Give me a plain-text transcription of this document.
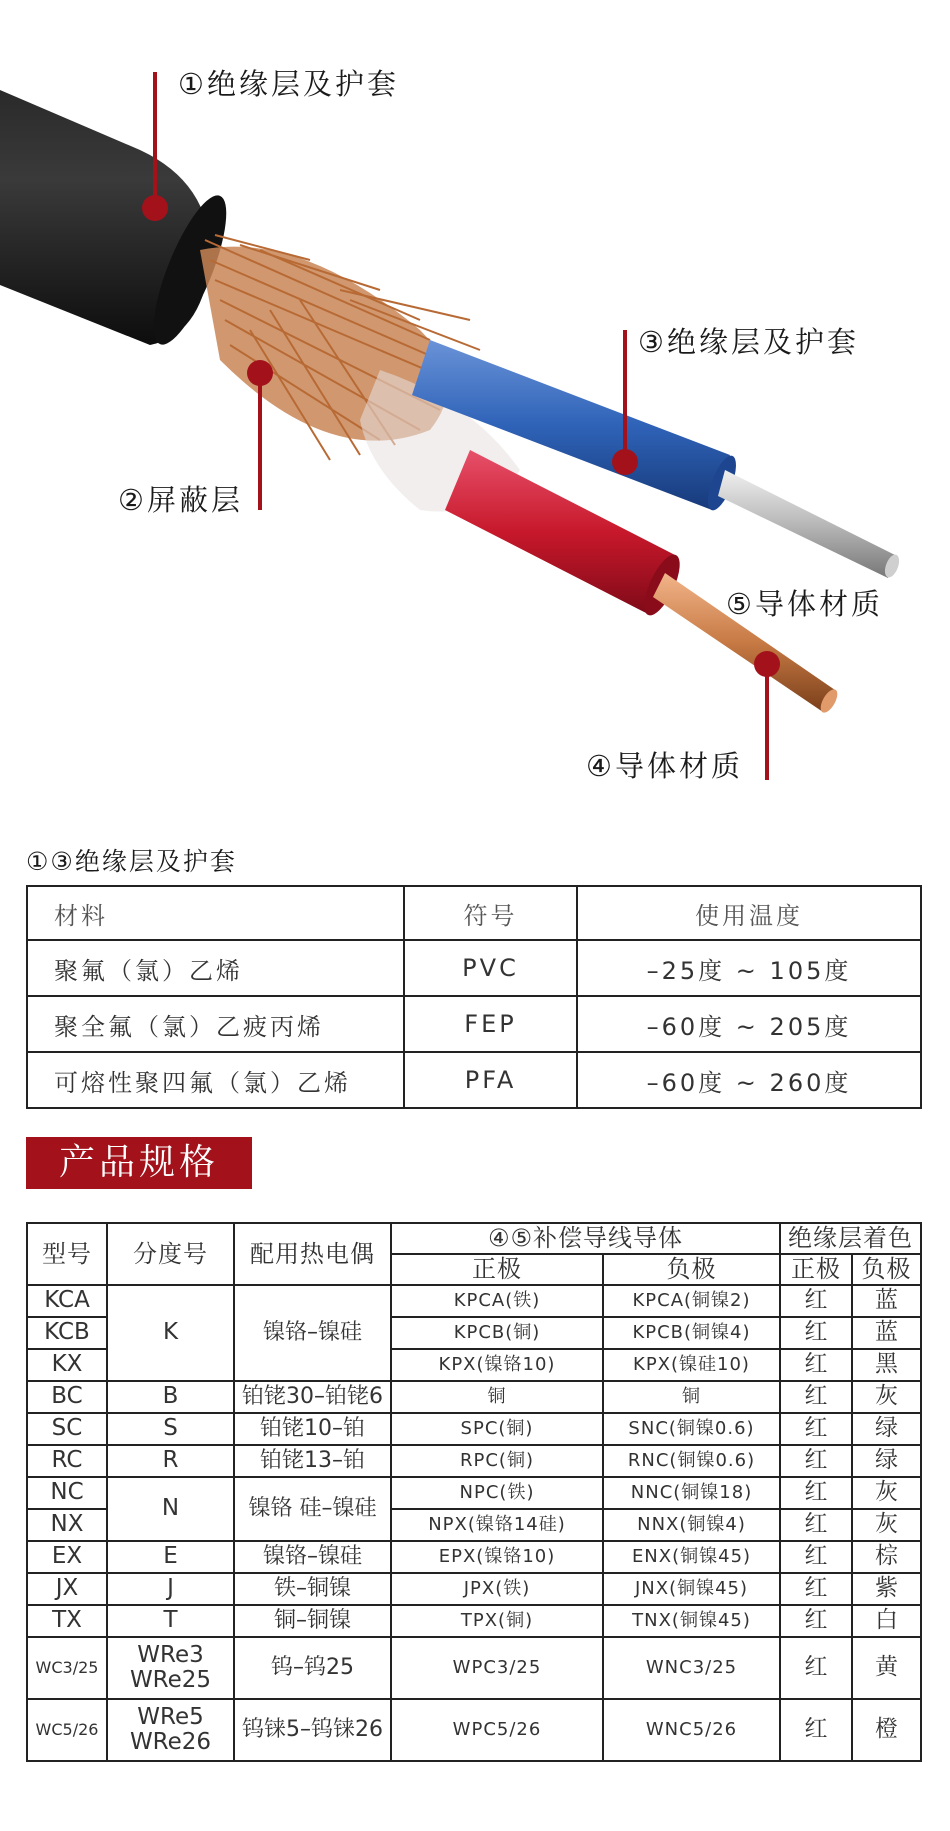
①绝缘层及护套
②屏蔽层
③绝缘层及护套
④导体材质
⑤导体材质
①③绝缘层及护套
材料	符号	使用温度
聚氟（氯）乙烯	PVC	–25度 ~ 105度
聚全氟（氯）乙疲丙烯	FEP	–60度 ~ 205度
可熔性聚四氟（氯）乙烯	PFA	–60度 ~ 260度
产品规格
型号	分度号	配用热电偶	④⑤补偿导线导体		绝缘层着色	
			正极	负极	正极	负极
KCA	K	镍铬–镍硅	KPCA(铁)	KPCA(铜镍2)	红	蓝
KCB			KPCB(铜)	KPCB(铜镍4)	红	蓝
KX			KPX(镍铬10)	KPX(镍硅10)	红	黑
BC	B	铂铑30–铂铑6	铜	铜	红	灰
SC	S	铂铑10–铂	SPC(铜)	SNC(铜镍0.6)	红	绿
RC	R	铂铑13–铂	RPC(铜)	RNC(铜镍0.6)	红	绿
NC	N	镍铬 硅–镍硅	NPC(铁)	NNC(铜镍18)	红	灰
NX			NPX(镍铬14硅)	NNX(铜镍4)	红	灰
EX	E	镍铬–镍硅	EPX(镍铬10)	ENX(铜镍45)	红	棕
JX	J	铁–铜镍	JPX(铁)	JNX(铜镍45)	红	紫
TX	T	铜–铜镍	TPX(铜)	TNX(铜镍45)	红	白
WC3/25	WRe3 WRe25	钨–钨25	WPC3/25	WNC3/25	红	黄
WC5/26	WRe5 WRe26	钨铼5–钨铼26	WPC5/26	WNC5/26	红	橙
